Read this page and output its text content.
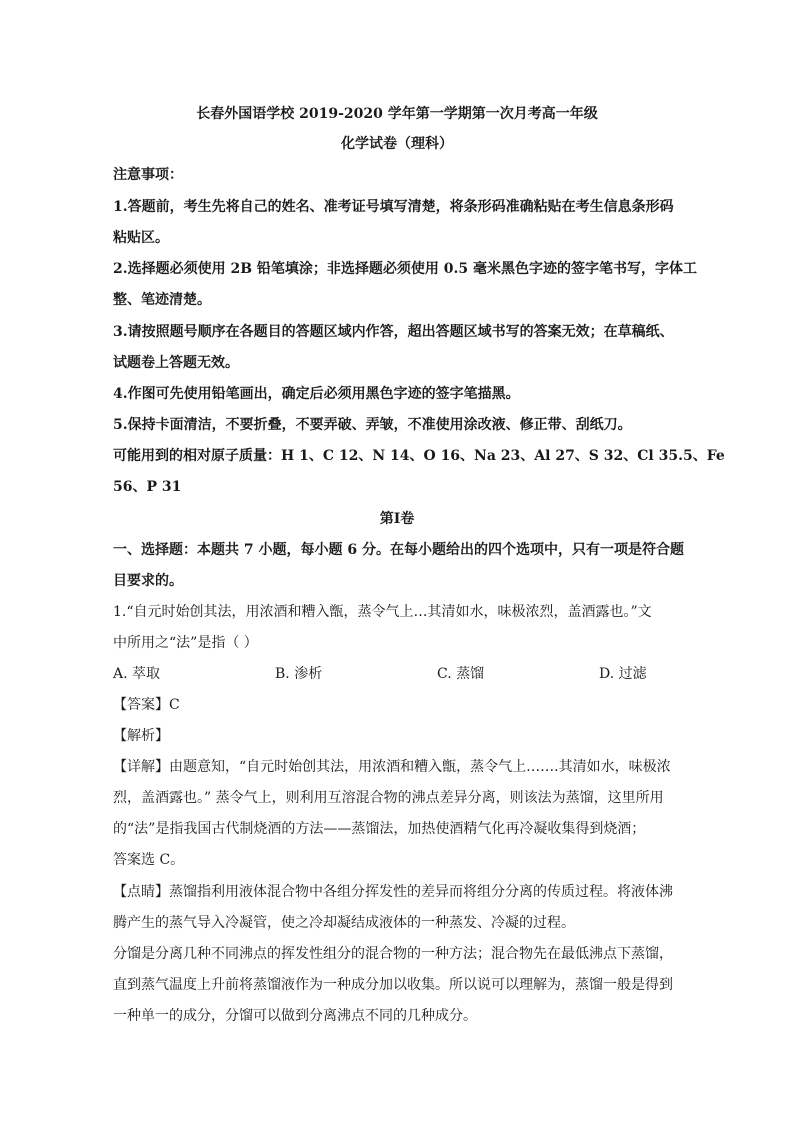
长春外国语学校 2019-2020 学年第一学期第一次月考高一年级
化学试卷（理科）
注意事项：
1.答题前，考生先将自己的姓名、准考证号填写清楚，将条形码准确粘贴在考生信息条形码
粘贴区。
2.选择题必须使用 2B 铅笔填涂；非选择题必须使用 0.5 毫米黑色字迹的签字笔书写，字体工
整、笔迹清楚。
3.请按照题号顺序在各题目的答题区域内作答，超出答题区域书写的答案无效；在草稿纸、
试题卷上答题无效。
4.作图可先使用铅笔画出，确定后必须用黑色字迹的签字笔描黑。
5.保持卡面清洁，不要折叠，不要弄破、弄皱，不准使用涂改液、修正带、刮纸刀。
可能用到的相对原子质量：H 1、C 12、N 14、O 16、Na 23、Al 27、S 32、Cl 35.5、Fe
56、P 31
第Ⅰ卷
一、选择题：本题共 7 小题，每小题 6 分。在每小题给出的四个选项中，只有一项是符合题
目要求的。
1.“自元时始创其法，用浓酒和糟入甑，蒸令气上…其清如水，味极浓烈，盖酒露也。”文
中所用之“法”是指（ ）
A. 萃取	B. 渗析	C. 蒸馏	D. 过滤
【答案】C
【解析】
【详解】由题意知，“自元时始创其法，用浓酒和糟入甑，蒸令气上…….其清如水，味极浓
烈，盖酒露也。” 蒸令气上，则利用互溶混合物的沸点差异分离，则该法为蒸馏，这里所用
的“法”是指我国古代制烧酒的方法——蒸馏法，加热使酒精气化再冷凝收集得到烧酒；
答案选 C。
【点睛】蒸馏指利用液体混合物中各组分挥发性的差异而将组分分离的传质过程。将液体沸
腾产生的蒸气导入冷凝管，使之冷却凝结成液体的一种蒸发、冷凝的过程。
分馏是分离几种不同沸点的挥发性组分的混合物的一种方法；混合物先在最低沸点下蒸馏，
直到蒸气温度上升前将蒸馏液作为一种成分加以收集。所以说可以理解为，蒸馏一般是得到
一种单一的成分，分馏可以做到分离沸点不同的几种成分。
